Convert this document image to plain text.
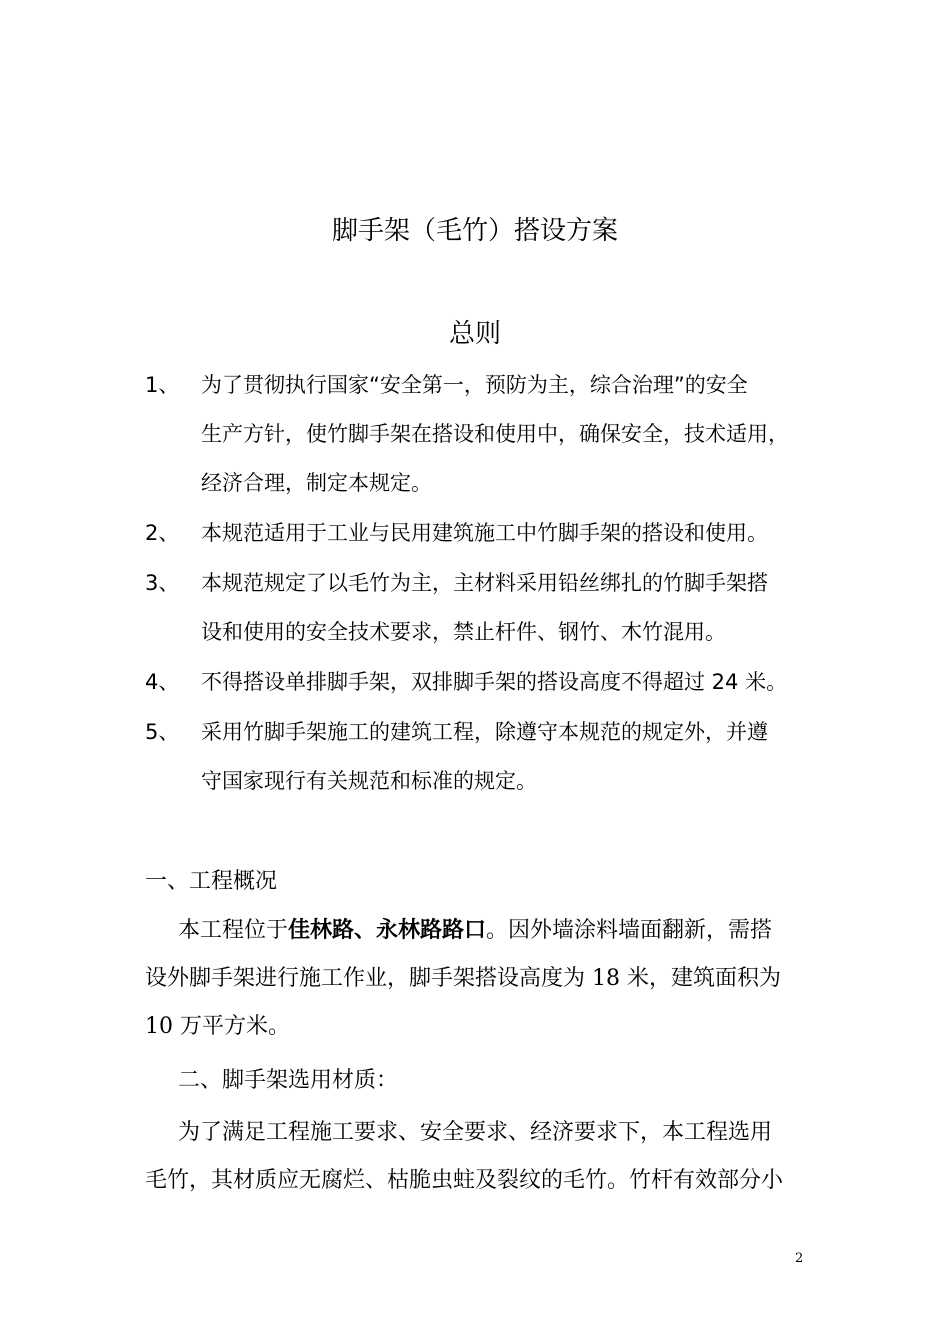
脚手架（毛竹）搭设方案
总则
1、 为了贯彻执行国家“安全第一，预防为主，综合治理”的安全
生产方针，使竹脚手架在搭设和使用中，确保安全，技术适用，
经济合理，制定本规定。
2、 本规范适用于工业与民用建筑施工中竹脚手架的搭设和使用。
3、 本规范规定了以毛竹为主，主材料采用铅丝绑扎的竹脚手架搭
设和使用的安全技术要求，禁止杆件、钢竹、木竹混用。
4、 不得搭设单排脚手架，双排脚手架的搭设高度不得超过 24 米。
5、 采用竹脚手架施工的建筑工程，除遵守本规范的规定外，并遵
守国家现行有关规范和标准的规定。
一、工程概况
本工程位于佳林路、永林路路口。因外墙涂料墙面翻新，需搭
设外脚手架进行施工作业，脚手架搭设高度为 18 米，建筑面积为
10 万平方米。
二、脚手架选用材质：
为了满足工程施工要求、安全要求、经济要求下，本工程选用
毛竹，其材质应无腐烂、枯脆虫蛀及裂纹的毛竹。竹杆有效部分小
2
